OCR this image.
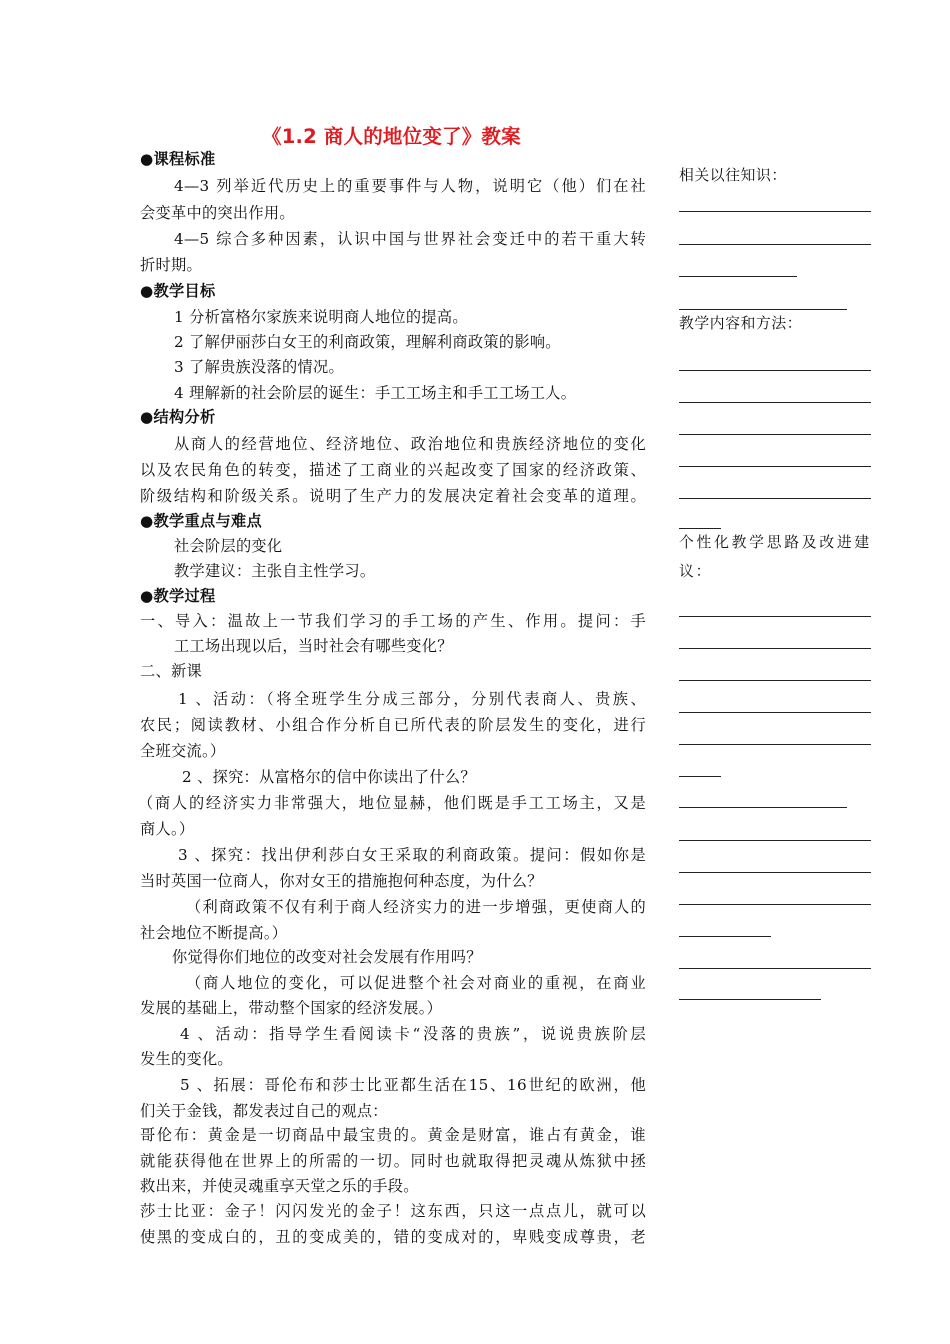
《1.2 商人的地位变了》教案
●课程标准
4—3 列举近代历史上的重要事件与人物，说明它（他）们在社
会变革中的突出作用。
4—5 综合多种因素，认识中国与世界社会变迁中的若干重大转
折时期。
●教学目标
1 分析富格尔家族来说明商人地位的提高。
2 了解伊丽莎白女王的利商政策，理解利商政策的影响。
3 了解贵族没落的情况。
4 理解新的社会阶层的诞生：手工工场主和手工工场工人。
●结构分析
从商人的经营地位、经济地位、政治地位和贵族经济地位的变化
以及农民角色的转变，描述了工商业的兴起改变了国家的经济政策、
阶级结构和阶级关系。说明了生产力的发展决定着社会变革的道理。
●教学重点与难点
社会阶层的变化
教学建议：主张自主性学习。
●教学过程
一、导入：温故上一节我们学习的手工场的产生、作用。提问：手
工工场出现以后，当时社会有哪些变化？
二、新课
1 、活动：（将全班学生分成三部分，分别代表商人、贵族、
农民；阅读教材、小组合作分析自已所代表的阶层发生的变化，进行
全班交流。）
2 、探究：从富格尔的信中你读出了什么？
（商人的经济实力非常强大，地位显赫，他们既是手工工场主，又是
商人。）
3 、探究：找出伊利莎白女王采取的利商政策。提问：假如你是
当时英国一位商人，你对女王的措施抱何种态度，为什么？
（利商政策不仅有利于商人经济实力的进一步增强，更使商人的
社会地位不断提高。）
你觉得你们地位的改变对社会发展有作用吗？
（商人地位的变化，可以促进整个社会对商业的重视，在商业
发展的基础上，带动整个国家的经济发展。）
4 、活动：指导学生看阅读卡“没落的贵族”，说说贵族阶层
发生的变化。
5 、拓展：哥伦布和莎士比亚都生活在15、16世纪的欧洲，他
们关于金钱，都发表过自己的观点：
哥伦布：黄金是一切商品中最宝贵的。黄金是财富，谁占有黄金，谁
就能获得他在世界上的所需的一切。同时也就取得把灵魂从炼狱中拯
救出来，并使灵魂重享天堂之乐的手段。
莎士比亚：金子！闪闪发光的金子！这东西，只这一点点儿，就可以
使黑的变成白的，丑的变成美的，错的变成对的，卑贱变成尊贵，老
相关以往知识：
教学内容和方法：
个性化教学思路及改进建
议：
